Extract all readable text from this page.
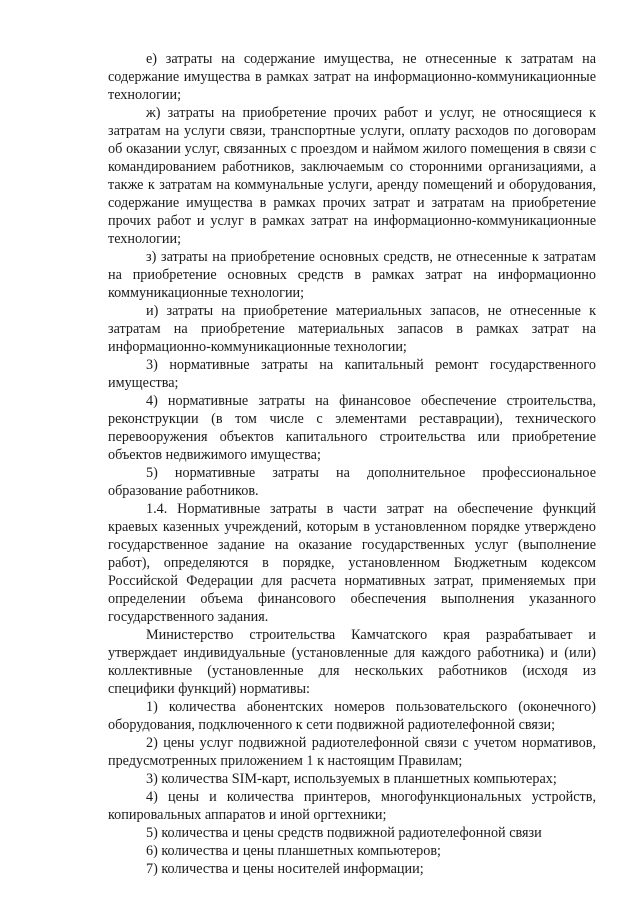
е) затраты на содержание имущества, не отнесенные к затратам на содержание имущества в рамках затрат на информационно-коммуникационные технологии;

ж) затраты на приобретение прочих работ и услуг, не относящиеся к затратам на услуги связи, транспортные услуги, оплату расходов по договорам об оказании услуг, связанных с проездом и наймом жилого помещения в связи с командированием работников, заключаемым со сторонними организациями, а также к затратам на коммунальные услуги, аренду помещений и оборудования, содержание имущества в рамках прочих затрат и затратам на приобретение прочих работ и услуг в рамках затрат на информационно-коммуникационные технологии;

з) затраты на приобретение основных средств, не отнесенные к затратам на приобретение основных средств в рамках затрат на информационно коммуникационные технологии;

и) затраты на приобретение материальных запасов, не отнесенные к затратам на приобретение материальных запасов в рамках затрат на информационно-коммуникационные технологии;

3) нормативные затраты на капитальный ремонт государственного имущества;

4) нормативные затраты на финансовое обеспечение строительства, реконструкции (в том числе с элементами реставрации), технического перевооружения объектов капитального строительства или приобретение объектов недвижимого имущества;

5) нормативные затраты на дополнительное профессиональное образование работников.

1.4. Нормативные затраты в части затрат на обеспечение функций краевых казенных учреждений, которым в установленном порядке утверждено государственное задание на оказание государственных услуг (выполнение работ), определяются в порядке, установленном Бюджетным кодексом Российской Федерации для расчета нормативных затрат, применяемых при определении объема финансового обеспечения выполнения указанного государственного задания.

Министерство строительства Камчатского края разрабатывает и утверждает индивидуальные (установленные для каждого работника) и (или) коллективные (установленные для нескольких работников (исходя из специфики функций) нормативы:

1) количества абонентских номеров пользовательского (оконечного) оборудования, подключенного к сети подвижной радиотелефонной связи;

2) цены услуг подвижной радиотелефонной связи с учетом нормативов, предусмотренных приложением 1 к настоящим Правилам;

3) количества SIM-карт, используемых в планшетных компьютерах;

4) цены и количества принтеров, многофункциональных устройств, копировальных аппаратов и иной оргтехники;

5) количества и цены средств подвижной радиотелефонной связи

6) количества и цены планшетных компьютеров;

7) количества и цены носителей информации;
